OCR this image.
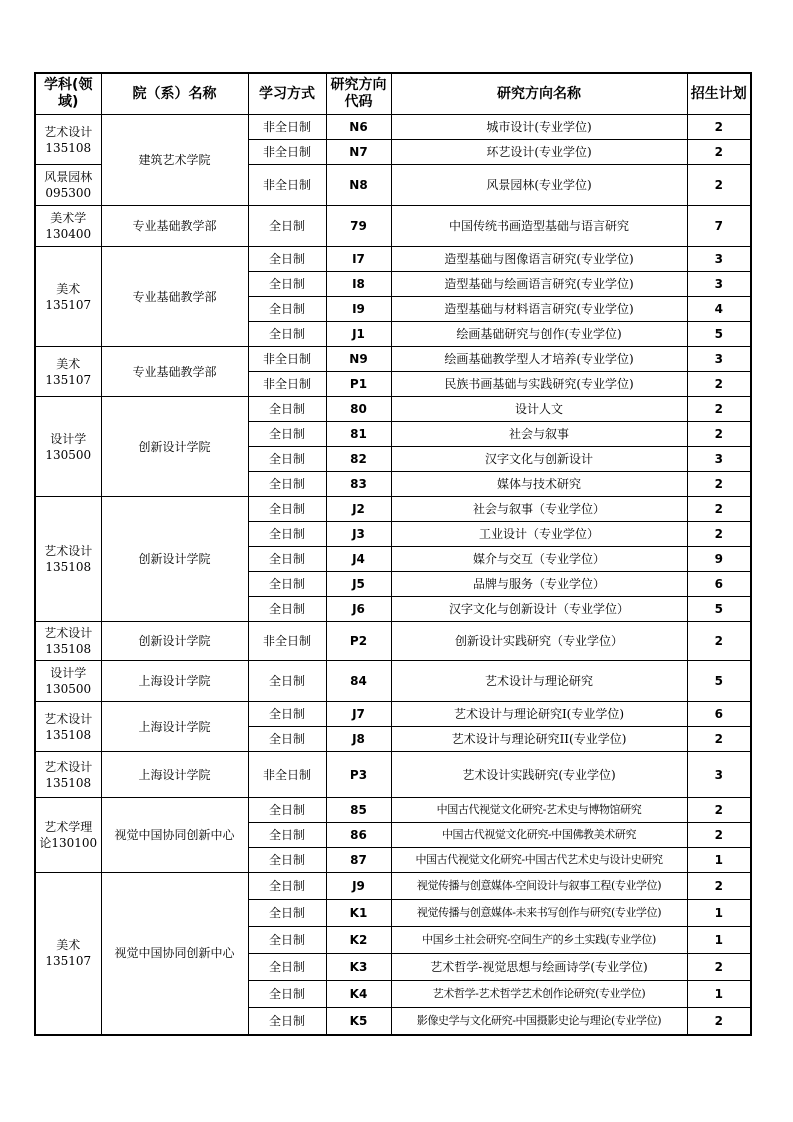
学科(领域)	院（系）名称	学习方式	研究方向代码	研究方向名称	招生计划
艺术设计
135108	建筑艺术学院	非全日制	N6	城市设计(专业学位)	2
		非全日制	N7	环艺设计(专业学位)	2
风景园林
095300		非全日制	N8	风景园林(专业学位)	2
美术学
130400	专业基础教学部	全日制	79	中国传统书画造型基础与语言研究	7
美术
135107	专业基础教学部	全日制	I7	造型基础与图像语言研究(专业学位)	3
		全日制	I8	造型基础与绘画语言研究(专业学位)	3
		全日制	I9	造型基础与材料语言研究(专业学位)	4
		全日制	J1	绘画基础研究与创作(专业学位)	5
美术
135107	专业基础教学部	非全日制	N9	绘画基础教学型人才培养(专业学位)	3
		非全日制	P1	民族书画基础与实践研究(专业学位)	2
设计学
130500	创新设计学院	全日制	80	设计人文	2
		全日制	81	社会与叙事	2
		全日制	82	汉字文化与创新设计	3
		全日制	83	媒体与技术研究	2
艺术设计
135108	创新设计学院	全日制	J2	社会与叙事（专业学位）	2
		全日制	J3	工业设计（专业学位）	2
		全日制	J4	媒介与交互（专业学位）	9
		全日制	J5	品牌与服务（专业学位）	6
		全日制	J6	汉字文化与创新设计（专业学位）	5
艺术设计
135108	创新设计学院	非全日制	P2	创新设计实践研究（专业学位）	2
设计学
130500	上海设计学院	全日制	84	艺术设计与理论研究	5
艺术设计
135108	上海设计学院	全日制	J7	艺术设计与理论研究I(专业学位)	6
		全日制	J8	艺术设计与理论研究II(专业学位)	2
艺术设计
135108	上海设计学院	非全日制	P3	艺术设计实践研究(专业学位)	3
艺术学理
论130100	视觉中国协同创新中心	全日制	85	中国古代视觉文化研究-艺术史与博物馆研究	2
		全日制	86	中国古代视觉文化研究-中国佛教美术研究	2
		全日制	87	中国古代视觉文化研究-中国古代艺术史与设计史研究	1
美术
135107	视觉中国协同创新中心	全日制	J9	视觉传播与创意媒体-空间设计与叙事工程(专业学位)	2
		全日制	K1	视觉传播与创意媒体-未来书写创作与研究(专业学位)	1
		全日制	K2	中国乡土社会研究-空间生产的乡土实践(专业学位)	1
		全日制	K3	艺术哲学-视觉思想与绘画诗学(专业学位)	2
		全日制	K4	艺术哲学-艺术哲学艺术创作论研究(专业学位)	1
		全日制	K5	影像史学与文化研究-中国摄影史论与理论(专业学位)	2
